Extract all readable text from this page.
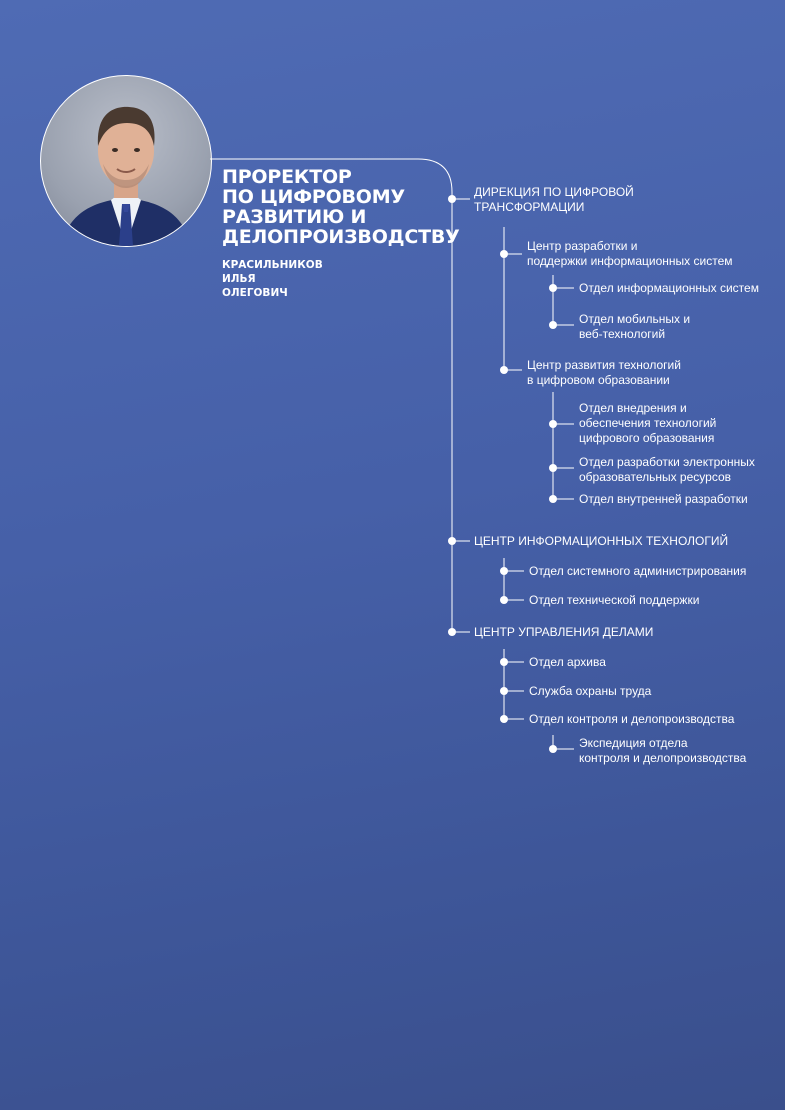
ПРОРЕКТОР
ПО ЦИФРОВОМУ
РАЗВИТИЮ И
ДЕЛОПРОИЗВОДСТВУ
КРАСИЛЬНИКОВ
ИЛЬЯ
ОЛЕГОВИЧ
ДИРЕКЦИЯ ПО ЦИФРОВОЙ
ТРАНСФОРМАЦИИ
Центр разработки и
поддержки информационных систем
Отдел информационных систем
Отдел мобильных и
веб-технологий
Центр развития технологий
в цифровом образовании
Отдел внедрения и
обеспечения технологий
цифрового образования
Отдел разработки электронных
образовательных ресурсов
Отдел внутренней разработки
ЦЕНТР ИНФОРМАЦИОННЫХ ТЕХНОЛОГИЙ
Отдел системного администрирования
Отдел технической поддержки
ЦЕНТР УПРАВЛЕНИЯ ДЕЛАМИ
Отдел архива
Служба охраны труда
Отдел контроля и делопроизводства
Экспедиция отдела
контроля и делопроизводства
